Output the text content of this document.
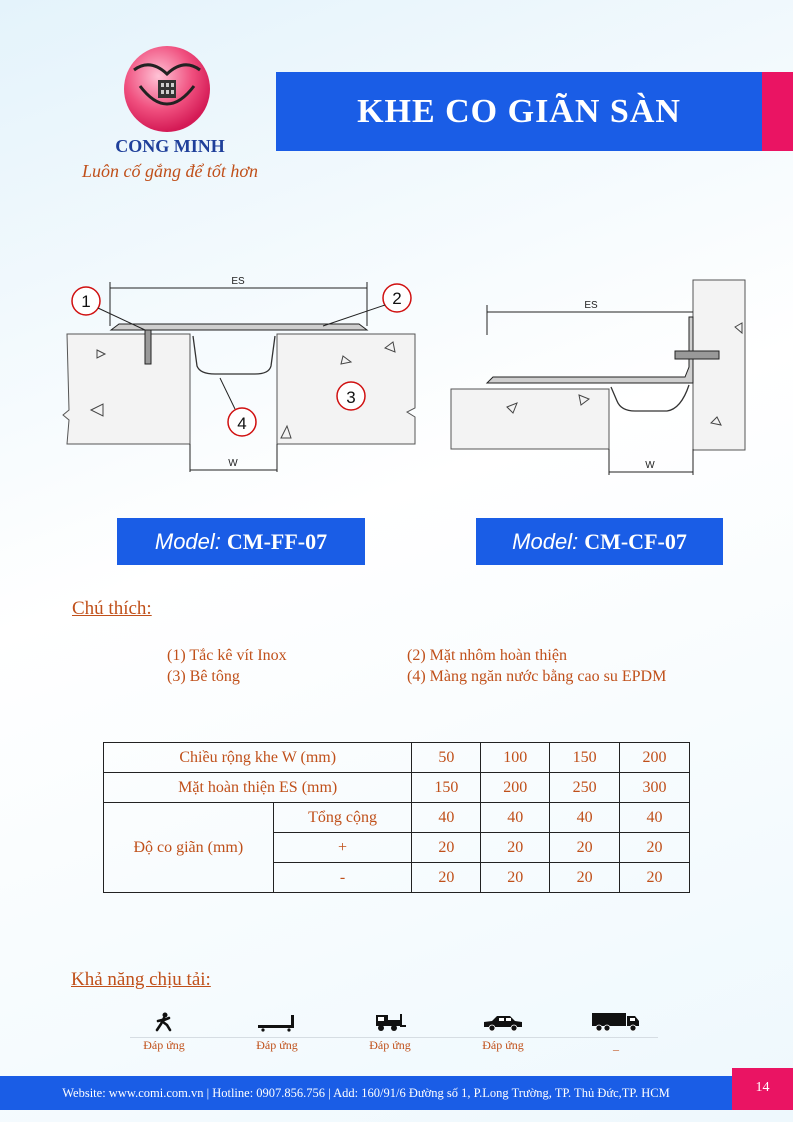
CONG MINH
Luôn cố gắng để tốt hơn
KHE CO GIÃN SÀN
ES
W
1	2
3
4
ES
W
Model: CM-FF-07	Model: CM-CF-07
Chú thích:
(1) Tắc kê vít Inox	(2) Mặt nhôm hoàn thiện
(3) Bê tông	(4) Màng ngăn nước bằng cao su EPDM
Chiều rộng khe W (mm)		50	100	150	200
Mặt hoàn thiện ES (mm)		150	200	250	300
Độ co giãn (mm)	Tổng cộng	40	40	40	40
	+	20	20	20	20
	-	20	20	20	20
Khả năng chịu tải:
Đáp ứng	Đáp ứng	Đáp ứng	Đáp ứng	_
Website: www.comi.com.vn | Hotline: 0907.856.756 | Add: 160/91/6 Đường số 1, P.Long Trường, TP. Thủ Đức,TP. HCM	14
